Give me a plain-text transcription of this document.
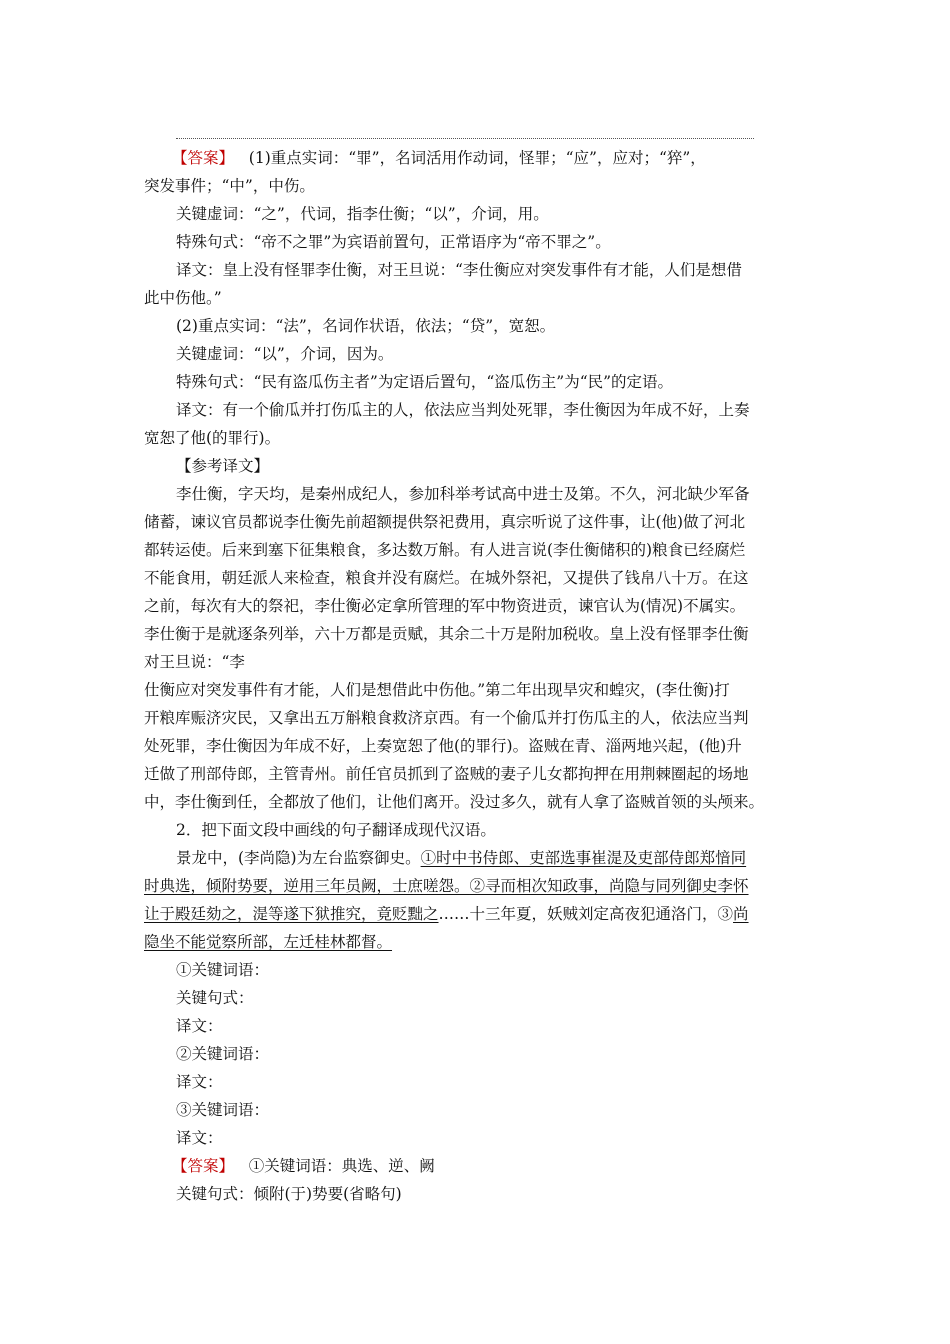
【答案】 (1)重点实词：“罪”，名词活用作动词，怪罪；“应”，应对；“猝”，

突发事件；“中”，中伤。

关键虚词：“之”，代词，指李仕衡；“以”，介词，用。

特殊句式：“帝不之罪”为宾语前置句，正常语序为“帝不罪之”。

译文：皇上没有怪罪李仕衡，对王旦说：“李仕衡应对突发事件有才能，人们是想借

此中伤他。”

(2)重点实词：“法”，名词作状语，依法；“贷”，宽恕。

关键虚词：“以”，介词，因为。

特殊句式：“民有盗瓜伤主者”为定语后置句，“盗瓜伤主”为“民”的定语。

译文：有一个偷瓜并打伤瓜主的人，依法应当判处死罪，李仕衡因为年成不好，上奏

宽恕了他(的罪行)。

【参考译文】

李仕衡，字天均，是秦州成纪人，参加科举考试高中进士及第。不久，河北缺少军备

储蓄，谏议官员都说李仕衡先前超额提供祭祀费用，真宗听说了这件事，让(他)做了河北

都转运使。后来到塞下征集粮食，多达数万斛。有人进言说(李仕衡储积的)粮食已经腐烂

不能食用，朝廷派人来检查，粮食并没有腐烂。在城外祭祀，又提供了钱帛八十万。在这

之前，每次有大的祭祀，李仕衡必定拿所管理的军中物资进贡，谏官认为(情况)不属实。

李仕衡于是就逐条列举，六十万都是贡赋，其余二十万是附加税收。皇上没有怪罪李仕衡

对王旦说：“李

仕衡应对突发事件有才能，人们是想借此中伤他。”第二年出现旱灾和蝗灾，(李仕衡)打

开粮库赈济灾民，又拿出五万斛粮食救济京西。有一个偷瓜并打伤瓜主的人，依法应当判

处死罪，李仕衡因为年成不好，上奏宽恕了他(的罪行)。盗贼在青、淄两地兴起，(他)升

迁做了刑部侍郎，主管青州。前任官员抓到了盗贼的妻子儿女都拘押在用荆棘圈起的场地

中，李仕衡到任，全都放了他们，让他们离开。没过多久，就有人拿了盗贼首领的头颅来。

2．把下面文段中画线的句子翻译成现代汉语。

景龙中，(李尚隐)为左台监察御史。①时中书侍郎、吏部选事崔湜及吏部侍郎郑愔同

时典选，倾附势要，逆用三年员阙，士庶嗟怨。②寻而相次知政事，尚隐与同列御史李怀

让于殿廷劾之，湜等遂下狱推究，竟贬黜之……十三年夏，妖贼刘定高夜犯通洛门，③尚

隐坐不能觉察所部，左迁桂林都督。

①关键词语：

关键句式：

译文：

②关键词语：

译文：

③关键词语：

译文：

【答案】 ①关键词语：典选、逆、阙

关键句式：倾附(于)势要(省略句)
